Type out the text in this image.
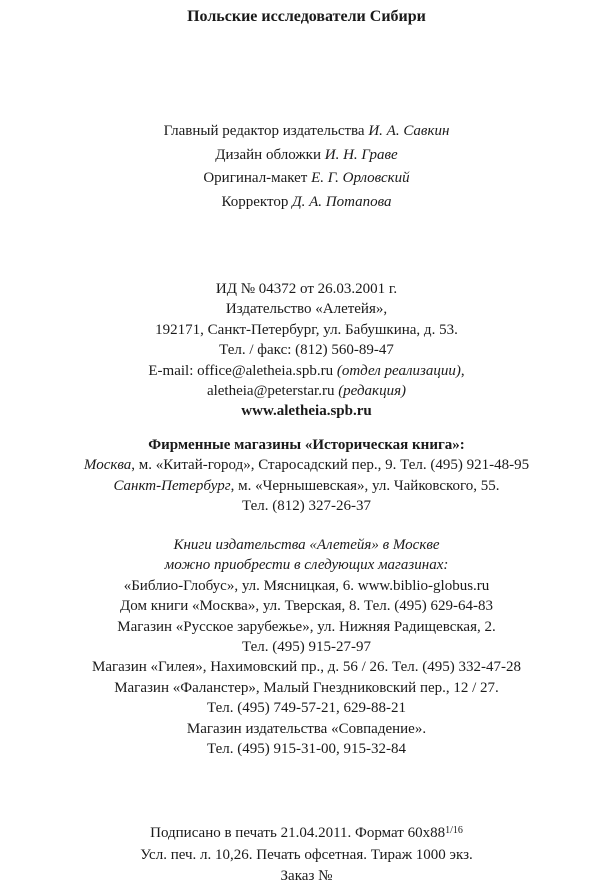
Польские исследователи Сибири
Главный редактор издательства И. А. Савкин
Дизайн обложки И. Н. Граве
Оригинал-макет Е. Г. Орловский
Корректор Д. А. Потапова
ИД № 04372 от 26.03.2001 г.
Издательство «Алетейя»,
192171, Санкт-Петербург, ул. Бабушкина, д. 53.
Тел. / факс: (812) 560-89-47
E-mail: office@aletheia.spb.ru (отдел реализации),
aletheia@peterstar.ru (редакция)
www.aletheia.spb.ru
Фирменные магазины «Историческая книга»:
Москва, м. «Китай-город», Старосадский пер., 9. Тел. (495) 921-48-95
Санкт-Петербург, м. «Чернышевская», ул. Чайковского, 55.
Тел. (812) 327-26-37
Книги издательства «Алетейя» в Москве
можно приобрести в следующих магазинах:
«Библио-Глобус», ул. Мясницкая, 6. www.biblio-globus.ru
Дом книги «Москва», ул. Тверская, 8. Тел. (495) 629-64-83
Магазин «Русское зарубежье», ул. Нижняя Радищевская, 2.
Тел. (495) 915-27-97
Магазин «Гилея», Нахимовский пр., д. 56 / 26. Тел. (495) 332-47-28
Магазин «Фаланстер», Малый Гнездниковский пер., 12 / 27.
Тел. (495) 749-57-21, 629-88-21
Магазин издательства «Совпадение».
Тел. (495) 915-31-00, 915-32-84
Подписано в печать 21.04.2011. Формат $60х88^{1/16}$
Усл. печ. л. 10,26. Печать офсетная. Тираж 1000 экз.
Заказ №
